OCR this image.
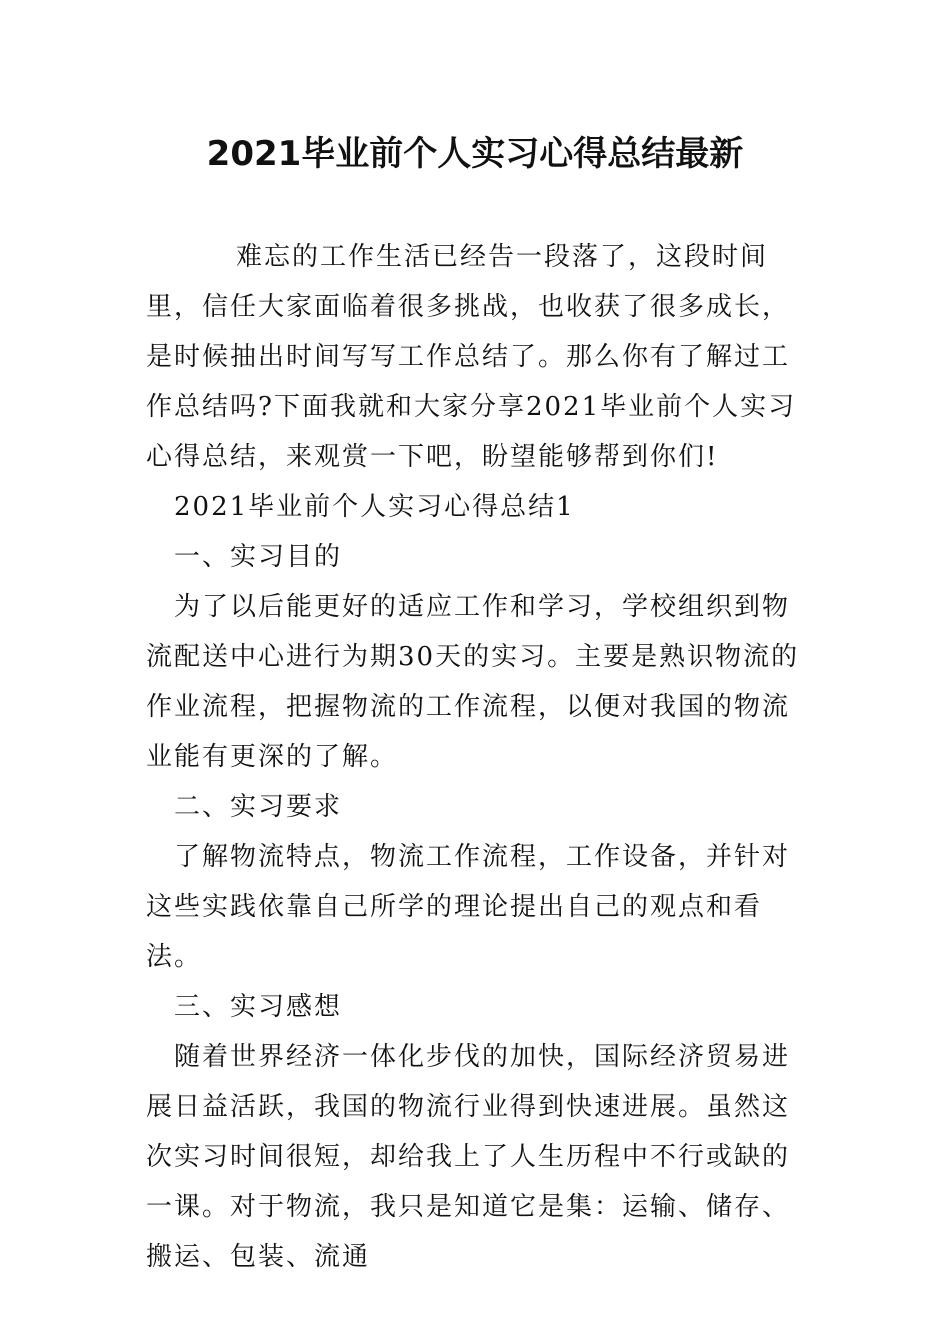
2021毕业前个人实习心得总结最新

难忘的工作生活已经告一段落了，这段时间里，信任大家面临着很多挑战，也收获了很多成长，是时候抽出时间写写工作总结了。那么你有了解过工作总结吗?下面我就和大家分享2021毕业前个人实习心得总结，来观赏一下吧，盼望能够帮到你们!

2021毕业前个人实习心得总结1

一、实习目的

为了以后能更好的适应工作和学习，学校组织到物流配送中心进行为期30天的实习。主要是熟识物流的作业流程，把握物流的工作流程，以便对我国的物流业能有更深的了解。

二、实习要求

了解物流特点，物流工作流程，工作设备，并针对这些实践依靠自己所学的理论提出自己的观点和看法。

三、实习感想

随着世界经济一体化步伐的加快，国际经济贸易进展日益活跃，我国的物流行业得到快速进展。虽然这次实习时间很短，却给我上了人生历程中不行或缺的一课。对于物流，我只是知道它是集：运输、储存、搬运、包装、流通
